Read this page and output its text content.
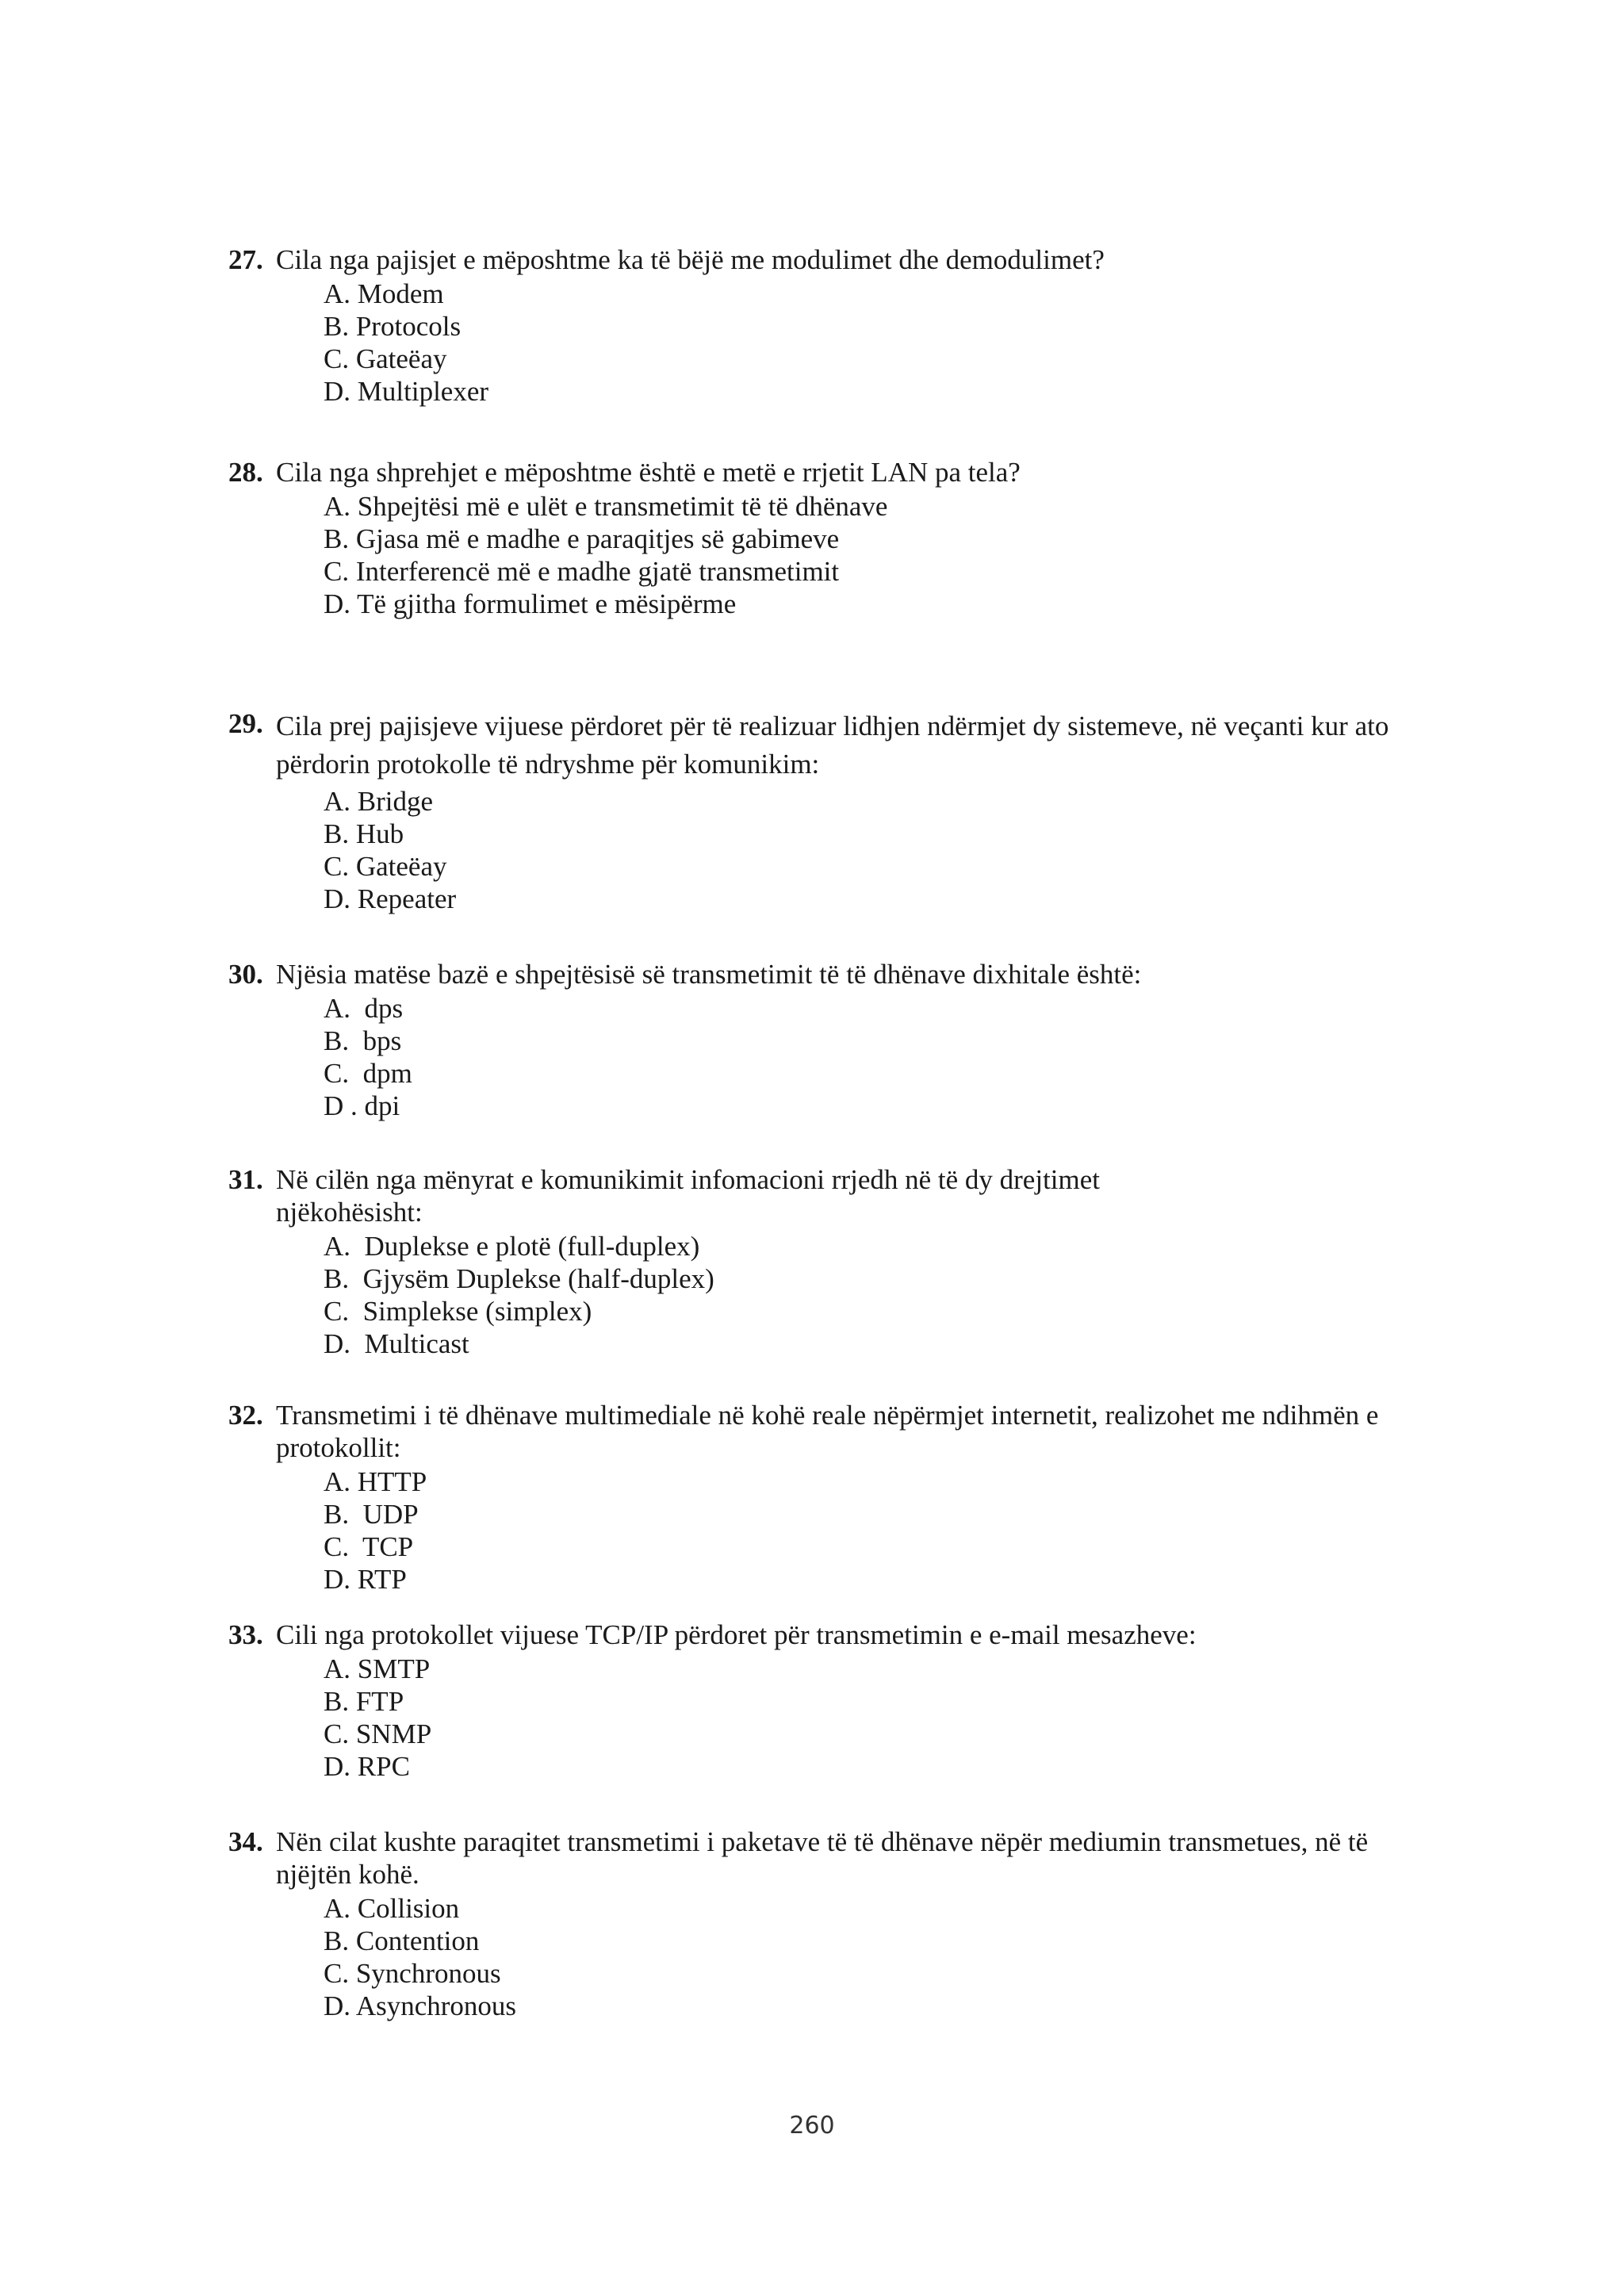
27. Cila nga pajisjet e mëposhtme ka të bëjë me modulimet dhe demodulimet?
A. Modem
B. Protocols
C. Gateëay
D. Multiplexer
28. Cila nga shprehjet e mëposhtme është e metë e rrjetit LAN pa tela?
A. Shpejtësi më e ulët e transmetimit të të dhënave
B. Gjasa më e madhe e paraqitjes së gabimeve
C. Interferencë më e madhe gjatë transmetimit
D. Të gjitha formulimet e mësipërme
29. Cila prej pajisjeve vijuese përdoret për të realizuar lidhjen ndërmjet dy sistemeve, në veçanti kur ato përdorin protokolle të ndryshme për komunikim:
A. Bridge
B. Hub
C. Gateëay
D. Repeater
30. Njësia matëse bazë e shpejtësisë së transmetimit të të dhënave dixhitale është:
A.  dps
B.  bps
C.  dpm
D . dpi
31. Në cilën nga mënyrat e komunikimit infomacioni rrjedh në të dy drejtimet njëkohësisht:
A.  Duplekse e plotë (full-duplex)
B.  Gjysëm Duplekse (half-duplex)
C.  Simplekse (simplex)
D.  Multicast
32. Transmetimi i të dhënave multimediale në kohë reale nëpërmjet internetit, realizohet me ndihmën e protokollit:
A. HTTP
B.  UDP
C.  TCP
D. RTP
33. Cili nga protokollet vijuese TCP/IP përdoret për transmetimin e e-mail mesazheve:
A. SMTP
B. FTP
C. SNMP
D. RPC
34. Nën cilat kushte paraqitet transmetimi i paketave të të dhënave nëpër mediumin transmetues, në të njëjtën kohë.
A. Collision
B. Contention
C. Synchronous
D. Asynchronous
260
